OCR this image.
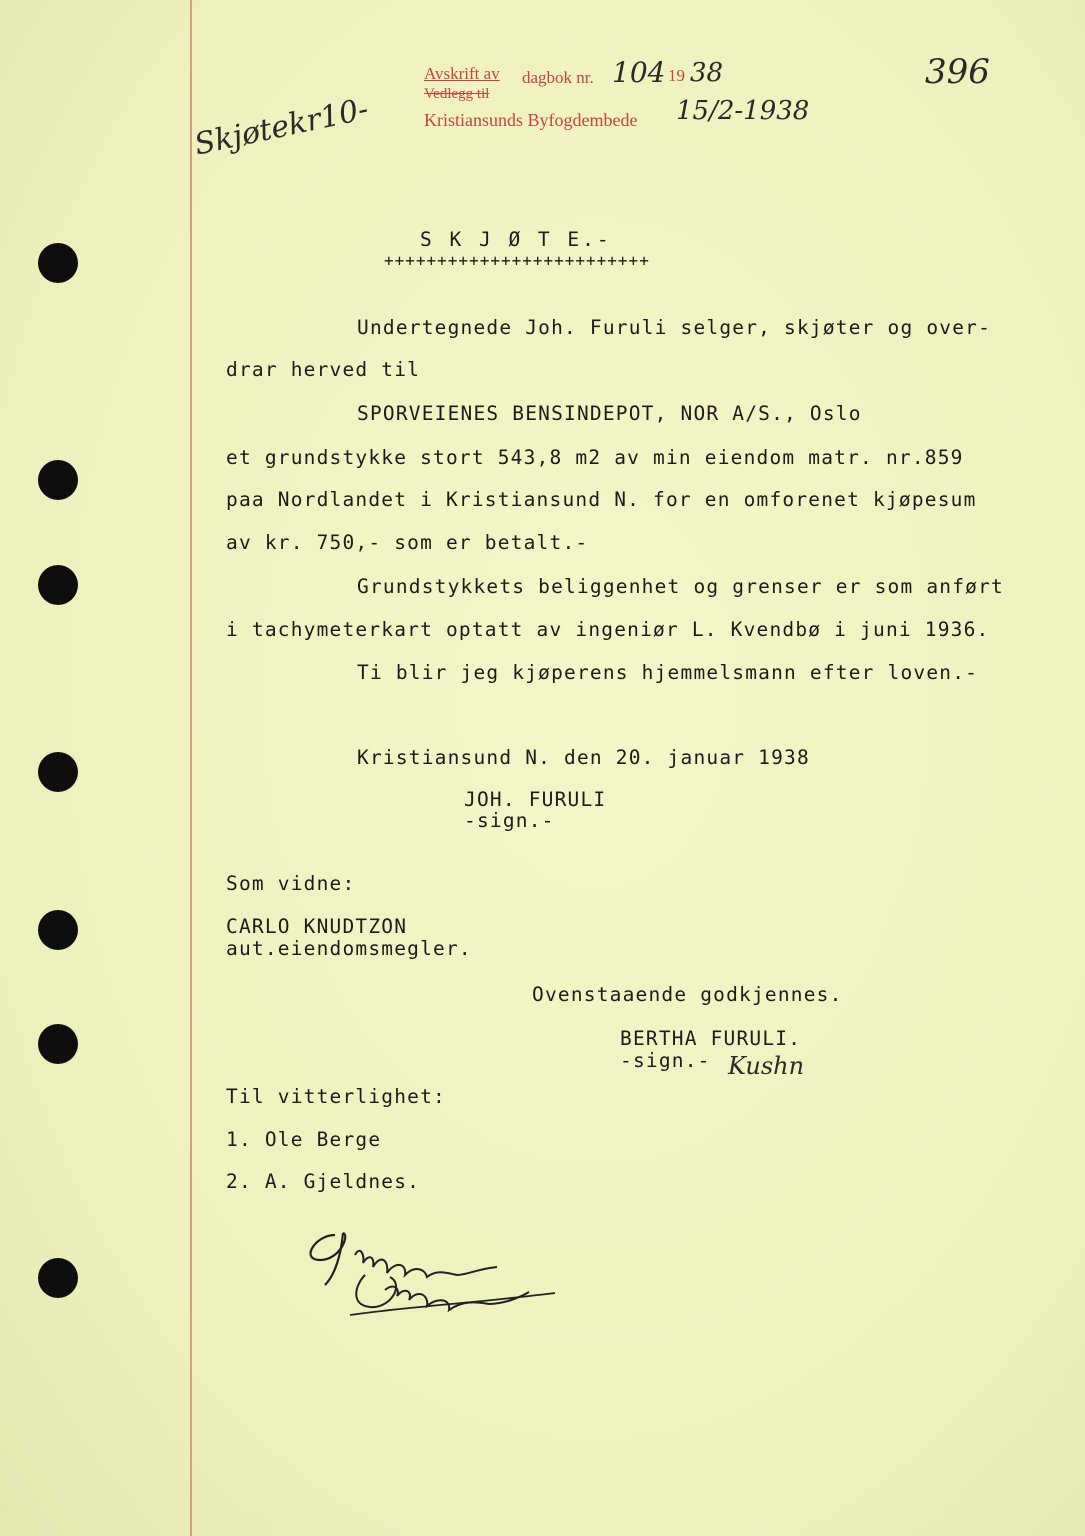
Avskrift av
Vedlegg til
dagbok nr. 104 19 38
Kristiansunds Byfogdembede 15/2-1938
396
Skjøtekr10-
S K J Ø T E.-
+++++++++++++++++++++++++
Undertegnede Joh. Furuli selger, skjøter og over-
drar herved til
SPORVEIENES BENSINDEPOT, NOR A/S., Oslo
et grundstykke stort 543,8 m2 av min eiendom matr. nr.859
paa Nordlandet i Kristiansund N. for en omforenet kjøpesum
av kr. 750,- som er betalt.-
Grundstykkets beliggenhet og grenser er som anført
i tachymeterkart optatt av ingeniør L. Kvendbø i juni 1936.
Ti blir jeg kjøperens hjemmelsmann efter loven.-
Kristiansund N. den 20. januar 1938
JOH. FURULI
-sign.-
Som vidne:
CARLO KNUDTZON
aut.eiendomsmegler.
Ovenstaaende godkjennes.
BERTHA FURULI.
-sign.- Kushn
Til vitterlighet:
1. Ole Berge
2. A. Gjeldnes.
